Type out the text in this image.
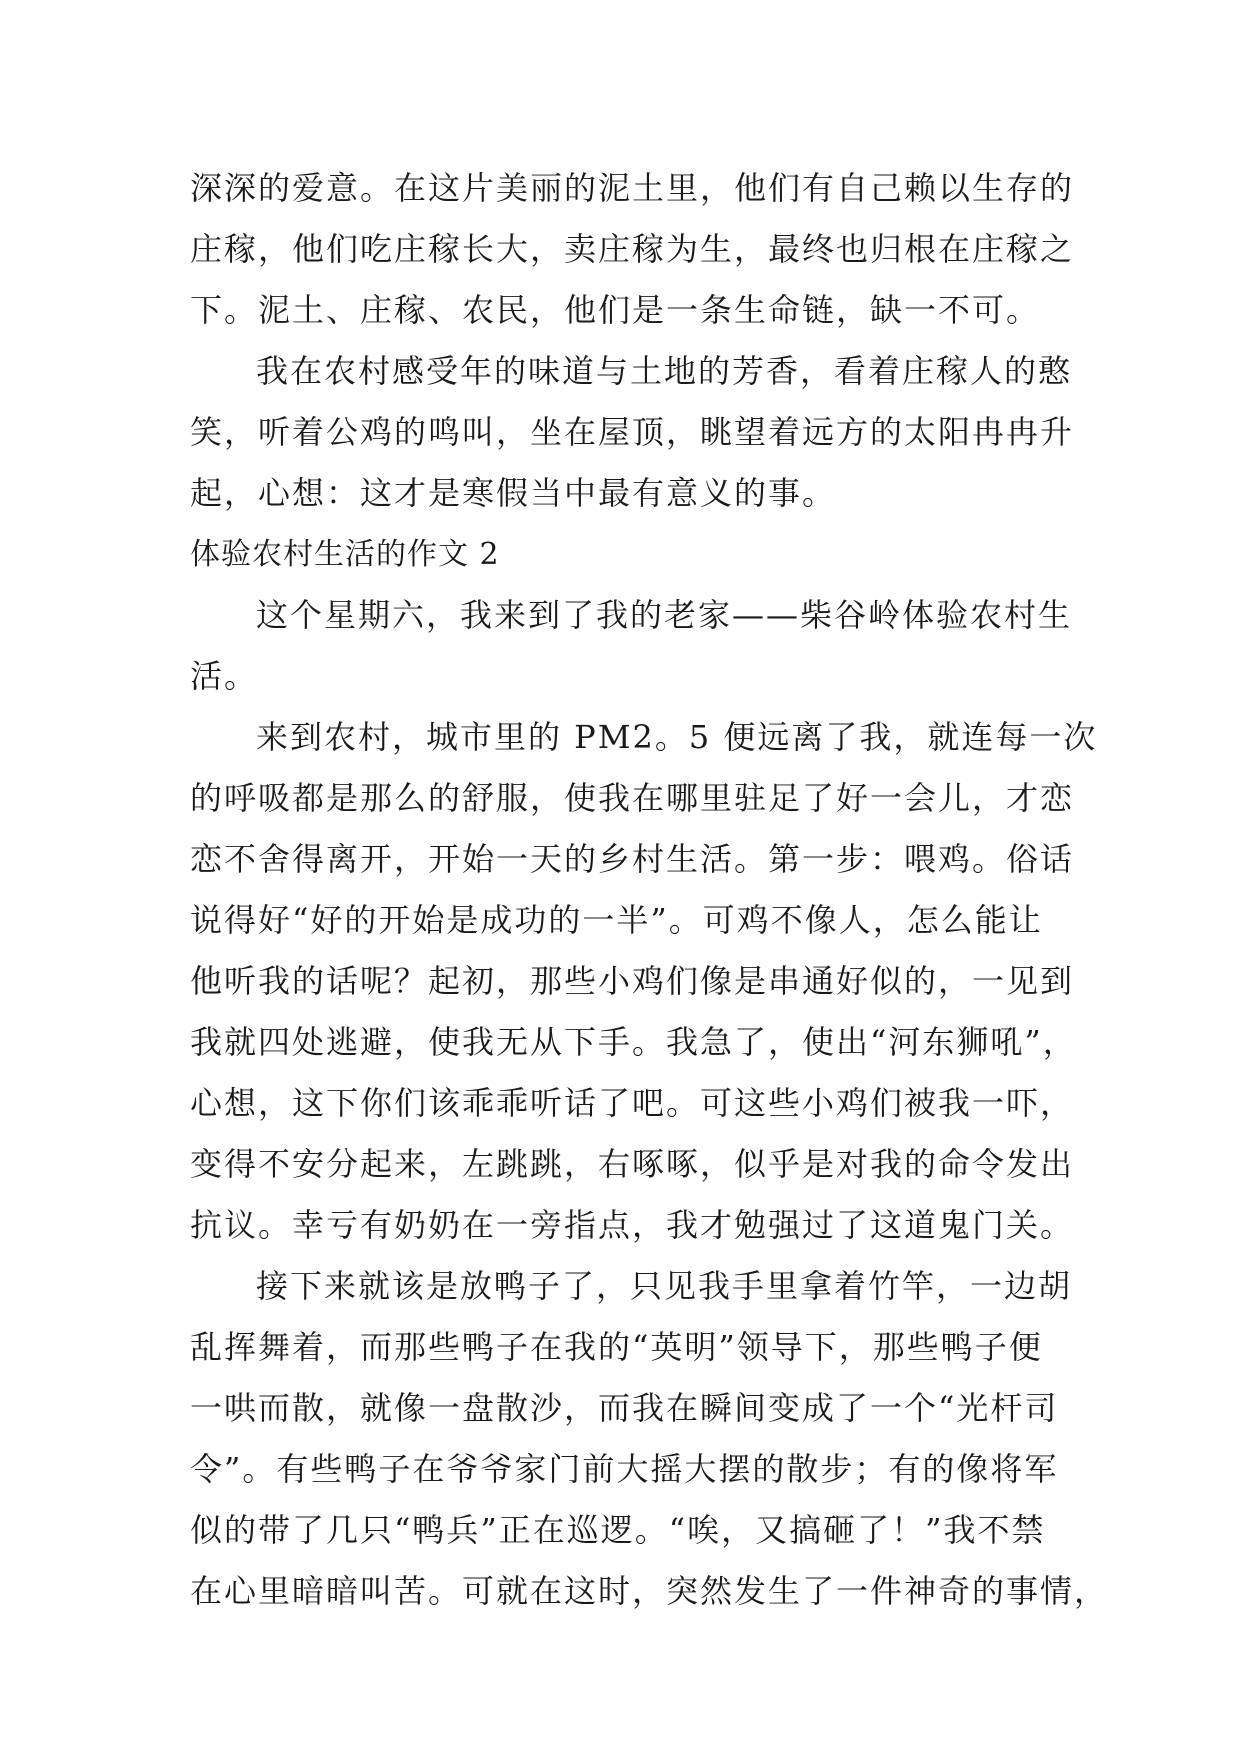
深深的爱意。在这片美丽的泥土里，他们有自己赖以生存的
庄稼，他们吃庄稼长大，卖庄稼为生，最终也归根在庄稼之
下。泥土、庄稼、农民，他们是一条生命链，缺一不可。
我在农村感受年的味道与土地的芳香，看着庄稼人的憨
笑，听着公鸡的鸣叫，坐在屋顶，眺望着远方的太阳冉冉升
起，心想：这才是寒假当中最有意义的事。
体验农村生活的作文 2
这个星期六，我来到了我的老家——柴谷岭体验农村生
活。
来到农村，城市里的 PM2。5 便远离了我，就连每一次
的呼吸都是那么的舒服，使我在哪里驻足了好一会儿，才恋
恋不舍得离开，开始一天的乡村生活。第一步：喂鸡。俗话
说得好“好的开始是成功的一半”。可鸡不像人，怎么能让
他听我的话呢？起初，那些小鸡们像是串通好似的，一见到
我就四处逃避，使我无从下手。我急了，使出“河东狮吼”，
心想，这下你们该乖乖听话了吧。可这些小鸡们被我一吓，
变得不安分起来，左跳跳，右啄啄，似乎是对我的命令发出
抗议。幸亏有奶奶在一旁指点，我才勉强过了这道鬼门关。
接下来就该是放鸭子了，只见我手里拿着竹竿，一边胡
乱挥舞着，而那些鸭子在我的“英明”领导下，那些鸭子便
一哄而散，就像一盘散沙，而我在瞬间变成了一个“光杆司
令”。有些鸭子在爷爷家门前大摇大摆的散步；有的像将军
似的带了几只“鸭兵”正在巡逻。“唉，又搞砸了！”我不禁
在心里暗暗叫苦。可就在这时，突然发生了一件神奇的事情，
